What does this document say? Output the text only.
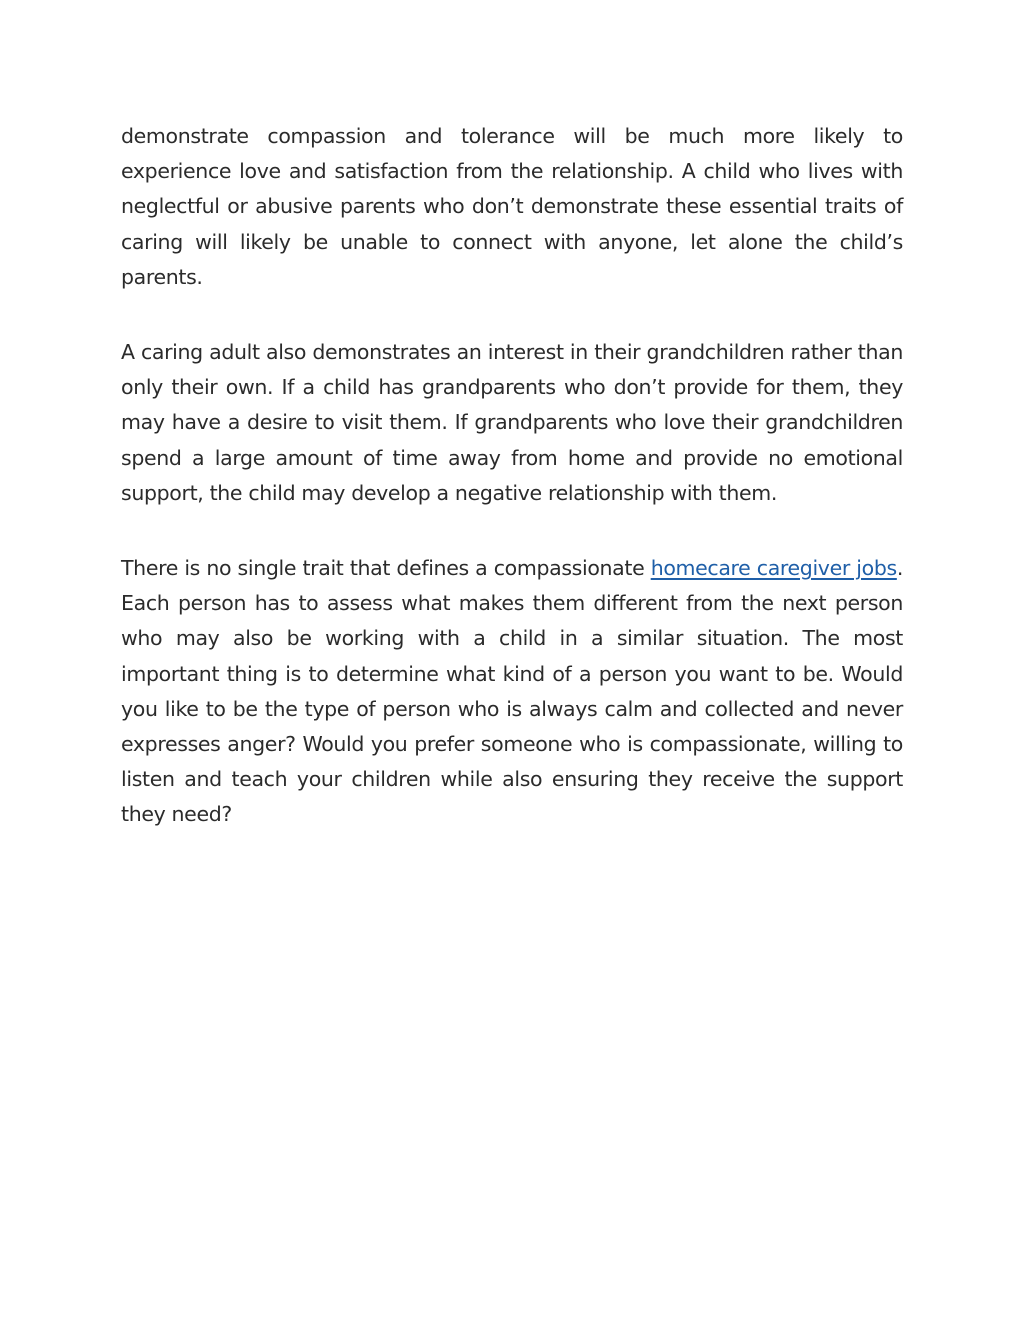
demonstrate compassion and tolerance will be much more likely to experience love and satisfaction from the relationship. A child who lives with neglectful or abusive parents who don’t demonstrate these essential traits of caring will likely be unable to connect with anyone, let alone the child’s parents.

A caring adult also demonstrates an interest in their grandchildren rather than only their own. If a child has grandparents who don’t provide for them, they may have a desire to visit them. If grandparents who love their grandchildren spend a large amount of time away from home and provide no emotional support, the child may develop a negative relationship with them.

There is no single trait that defines a compassionate homecare caregiver jobs. Each person has to assess what makes them different from the next person who may also be working with a child in a similar situation. The most important thing is to determine what kind of a person you want to be. Would you like to be the type of person who is always calm and collected and never expresses anger? Would you prefer someone who is compassionate, willing to listen and teach your children while also ensuring they receive the support they need?
